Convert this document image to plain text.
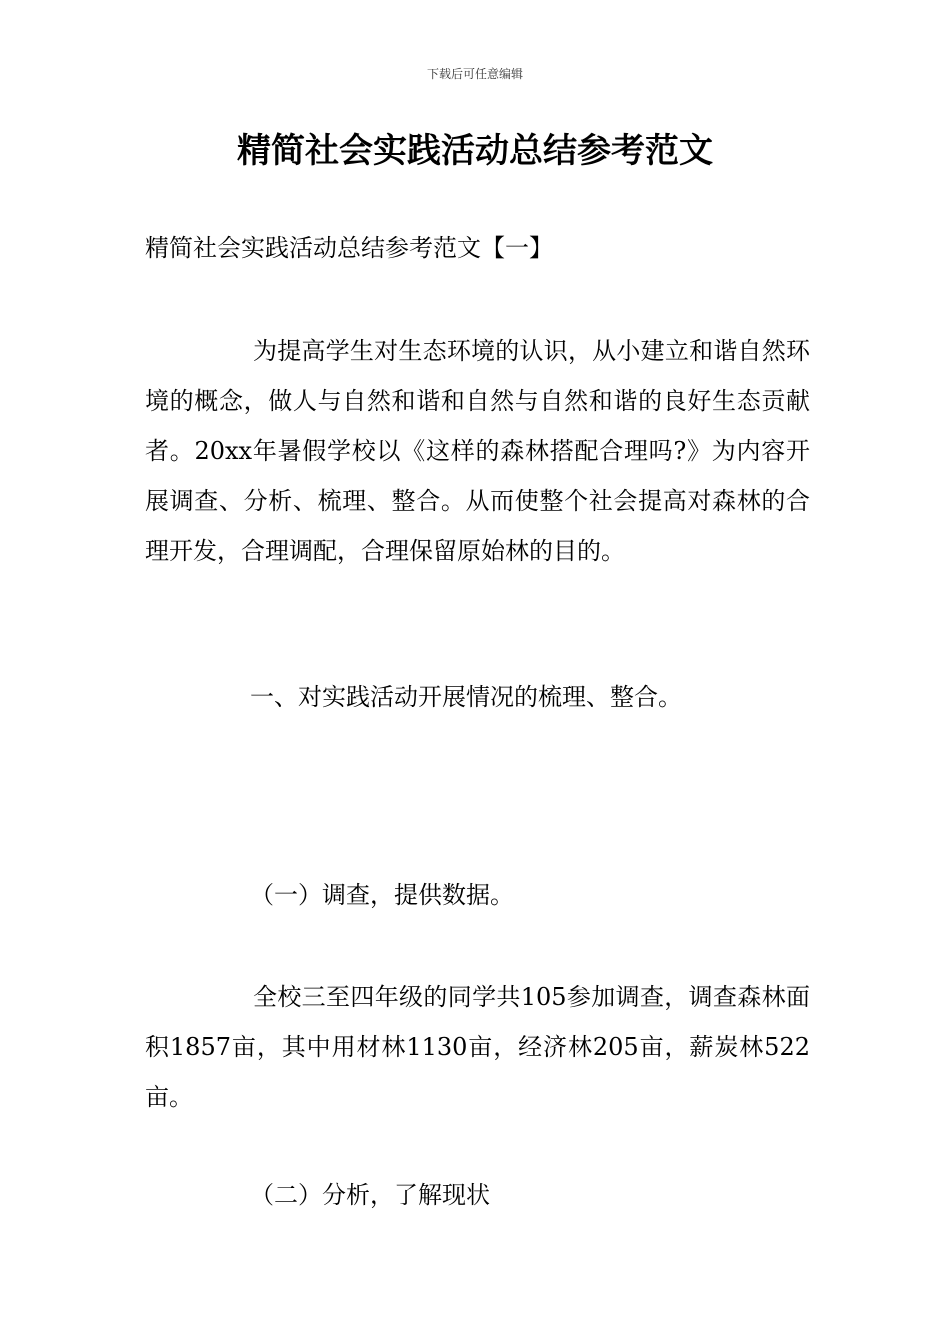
下载后可任意编辑
精简社会实践活动总结参考范文
精简社会实践活动总结参考范文【一】

为提高学生对生态环境的认识，从小建立和谐自然环境的概念，做人与自然和谐和自然与自然和谐的良好生态贡献者。20xx年暑假学校以《这样的森林搭配合理吗?》为内容开展调查、分析、梳理、整合。从而使整个社会提高对森林的合理开发，合理调配，合理保留原始林的目的。

一、对实践活动开展情况的梳理、整合。

（一）调查，提供数据。

全校三至四年级的同学共105参加调查，调查森林面积1857亩，其中用材林1130亩，经济林205亩，薪炭林522亩。

（二）分析，了解现状
